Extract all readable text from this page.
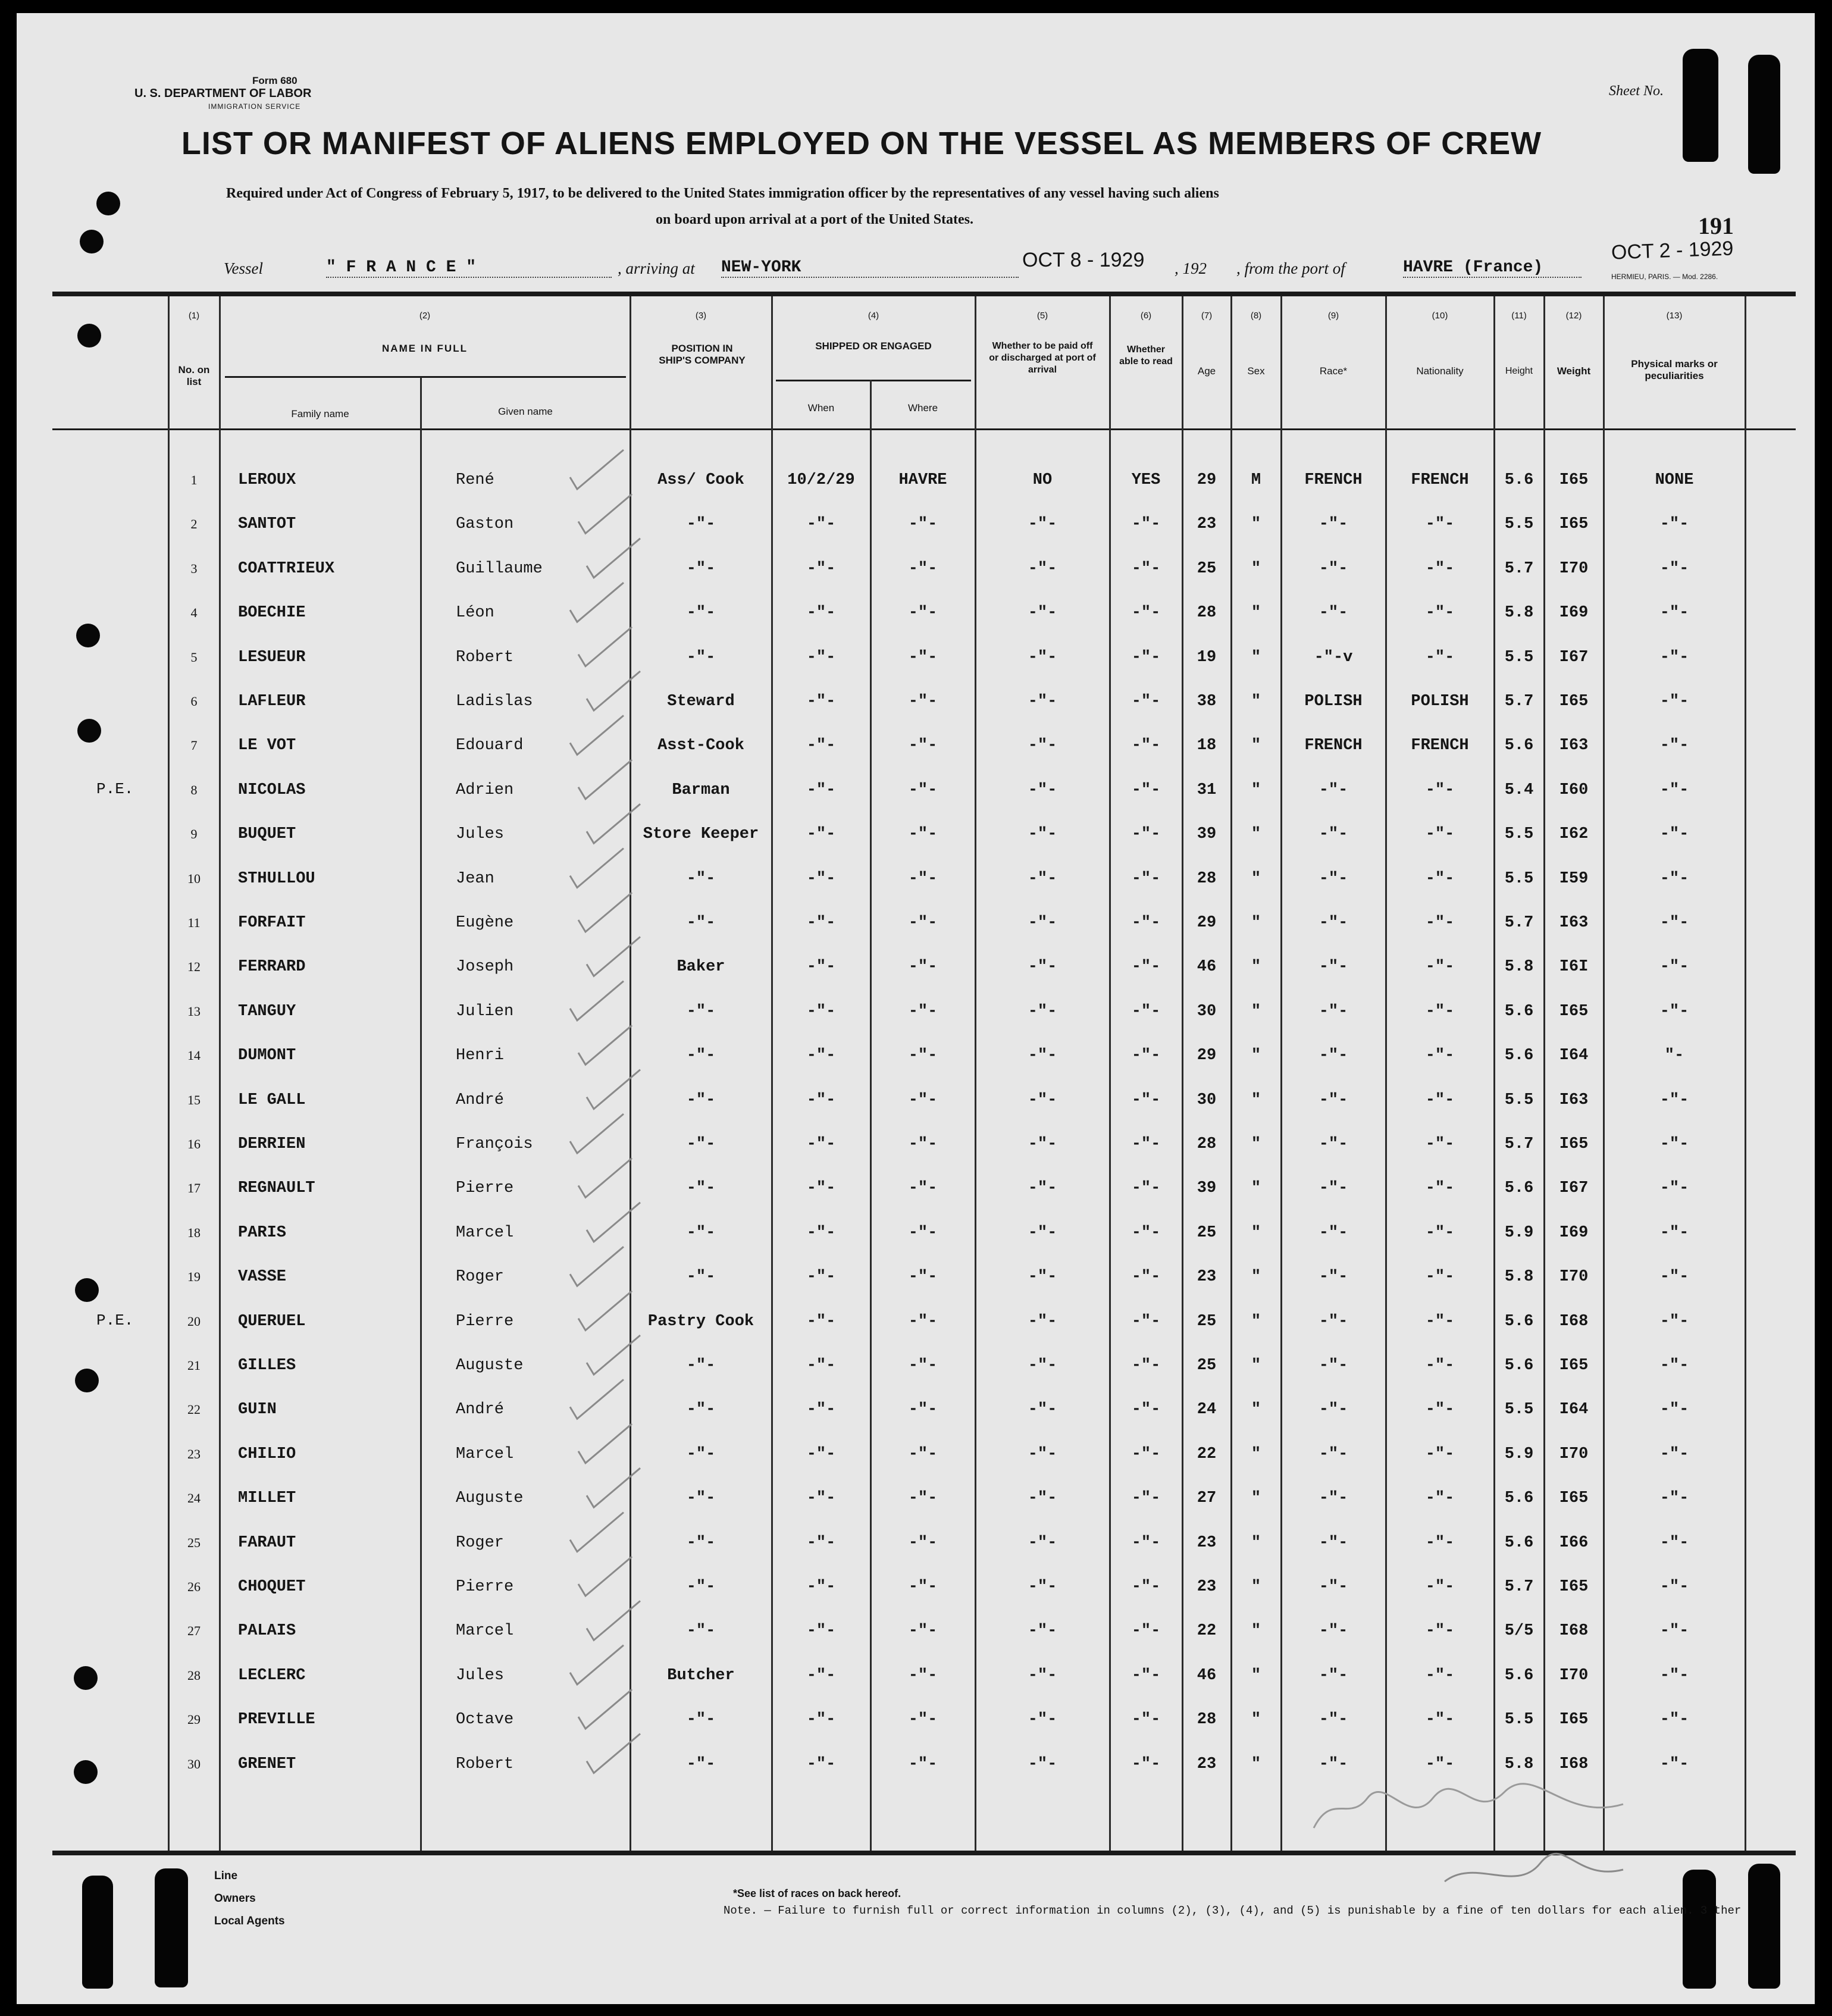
Form 680
U. S. DEPARTMENT OF LABOR
IMMIGRATION SERVICE
Sheet No.
LIST OR MANIFEST OF ALIENS EMPLOYED ON THE VESSEL AS MEMBERS OF CREW
Required under Act of Congress of February 5, 1917, to be delivered to the United States immigration officer by the representatives of any vessel having such aliens
on board upon arrival at a port of the United States.	191
Vessel	" F R A N C E "	, arriving at NEW-YORK	OCT 8 - 1929 , 192 , from the port of	HAVRE (France)
OCT 2 - 1929
HERMIEU, PARIS. — Mod. 2286.
(1)
No. on list
(2)
NAME IN FULL
Family name	Given name
(3)
POSITION IN SHIP'S COMPANY
(4)
SHIPPED OR ENGAGED
When	Where
(5)
Whether to be paid off or discharged at port of arrival
(6)
Whether able to read
(7)
Age
(8)
Sex
(9)
Race*
(10)
Nationality
(11)
Height
(12)
Weight
(13)
Physical marks or peculiarities
1	LEROUX	René	Ass/ Cook	10/2/29	HAVRE	NO	YES	29	M	FRENCH	FRENCH	5.6	I65	NONE
2	SANTOT	Gaston	-"-	-"-	-"-	-"-	-"-	23	"	-"-	-"-	5.5	I65	-"-
3	COATTRIEUX	Guillaume	-"-	-"-	-"-	-"-	-"-	25	"	-"-	-"-	5.7	I70	-"-
4	BOECHIE	Léon	-"-	-"-	-"-	-"-	-"-	28	"	-"-	-"-	5.8	I69	-"-
5	LESUEUR	Robert	-"-	-"-	-"-	-"-	-"-	19	"	-"-v	-"-	5.5	I67	-"-
6	LAFLEUR	Ladislas	Steward	-"-	-"-	-"-	-"-	38	"	POLISH	POLISH	5.7	I65	-"-
7	LE VOT	Edouard	Asst-Cook	-"-	-"-	-"-	-"-	18	"	FRENCH	FRENCH	5.6	I63	-"-
8	NICOLAS	Adrien	Barman	-"-	-"-	-"-	-"-	31	"	-"-	-"-	5.4	I60	-"-
P.E.
9	BUQUET	Jules	Store Keeper	-"-	-"-	-"-	-"-	39	"	-"-	-"-	5.5	I62	-"-
10	STHULLOU	Jean	-"-	-"-	-"-	-"-	-"-	28	"	-"-	-"-	5.5	I59	-"-
11	FORFAIT	Eugène	-"-	-"-	-"-	-"-	-"-	29	"	-"-	-"-	5.7	I63	-"-
12	FERRARD	Joseph	Baker	-"-	-"-	-"-	-"-	46	"	-"-	-"-	5.8	I6I	-"-
13	TANGUY	Julien	-"-	-"-	-"-	-"-	-"-	30	"	-"-	-"-	5.6	I65	-"-
14	DUMONT	Henri	-"-	-"-	-"-	-"-	-"-	29	"	-"-	-"-	5.6	I64	"-
15	LE GALL	André	-"-	-"-	-"-	-"-	-"-	30	"	-"-	-"-	5.5	I63	-"-
16	DERRIEN	François	-"-	-"-	-"-	-"-	-"-	28	"	-"-	-"-	5.7	I65	-"-
17	REGNAULT	Pierre	-"-	-"-	-"-	-"-	-"-	39	"	-"-	-"-	5.6	I67	-"-
18	PARIS	Marcel	-"-	-"-	-"-	-"-	-"-	25	"	-"-	-"-	5.9	I69	-"-
19	VASSE	Roger	-"-	-"-	-"-	-"-	-"-	23	"	-"-	-"-	5.8	I70	-"-
20	QUERUEL	Pierre	Pastry Cook	-"-	-"-	-"-	-"-	25	"	-"-	-"-	5.6	I68	-"-
P.E.
21	GILLES	Auguste	-"-	-"-	-"-	-"-	-"-	25	"	-"-	-"-	5.6	I65	-"-
22	GUIN	André	-"-	-"-	-"-	-"-	-"-	24	"	-"-	-"-	5.5	I64	-"-
23	CHILIO	Marcel	-"-	-"-	-"-	-"-	-"-	22	"	-"-	-"-	5.9	I70	-"-
24	MILLET	Auguste	-"-	-"-	-"-	-"-	-"-	27	"	-"-	-"-	5.6	I65	-"-
25	FARAUT	Roger	-"-	-"-	-"-	-"-	-"-	23	"	-"-	-"-	5.6	I66	-"-
26	CHOQUET	Pierre	-"-	-"-	-"-	-"-	-"-	23	"	-"-	-"-	5.7	I65	-"-
27	PALAIS	Marcel	-"-	-"-	-"-	-"-	-"-	22	"	-"-	-"-	5/5	I68	-"-
28	LECLERC	Jules	Butcher	-"-	-"-	-"-	-"-	46	"	-"-	-"-	5.6	I70	-"-
29	PREVILLE	Octave	-"-	-"-	-"-	-"-	-"-	28	"	-"-	-"-	5.5	I65	-"-
30	GRENET	Robert	-"-	-"-	-"-	-"-	-"-	23	"	-"-	-"-	5.8	I68	-"-
Line
Owners
Local Agents
*See list of races on back hereof.
Note. — Failure to furnish full or correct information in columns (2), (3), (4), and (5) is punishable by a fine of ten dollars for each alien. 3 ther
